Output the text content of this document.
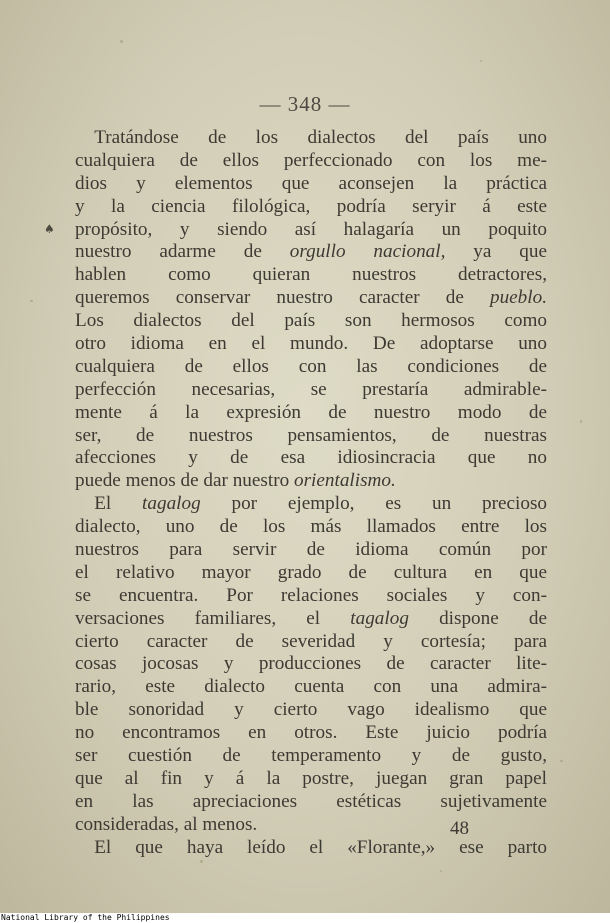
— 348 —
♠
 Tratándose de los dialectos del país uno
cualquiera de ellos perfeccionado con los me-
dios y elementos que aconsejen la práctica
y la ciencia filológica, podría seryir á este
propósito, y siendo así halagaría un poquito
nuestro adarme de orgullo nacional, ya que
hablen como quieran nuestros detractores,
queremos conservar nuestro caracter de pueblo.
Los dialectos del país son hermosos como
otro idioma en el mundo. De adoptarse uno
cualquiera de ellos con las condiciones de
perfección necesarias, se prestaría admirable-
mente á la expresión de nuestro modo de
ser, de nuestros pensamientos, de nuestras
afecciones y de esa idiosincracia que no
puede menos de dar nuestro orientalismo.
 El tagalog por ejemplo, es un precioso
dialecto, uno de los más llamados entre los
nuestros para servir de idioma común por
el relativo mayor grado de cultura en que
se encuentra. Por relaciones sociales y con-
versaciones familiares, el tagalog dispone de
cierto caracter de severidad y cortesía; para
cosas jocosas y producciones de caracter lite-
rario, este dialecto cuenta con una admira-
ble sonoridad y cierto vago idealismo que
no encontramos en otros. Este juicio podría
ser cuestión de temperamento y de gusto,
que al fin y á la postre, juegan gran papel
en las apreciaciones estéticas sujetivamente
consideradas, al menos.
 El que haya leído el «Florante,» ese parto
48
National Library of the Philippines
